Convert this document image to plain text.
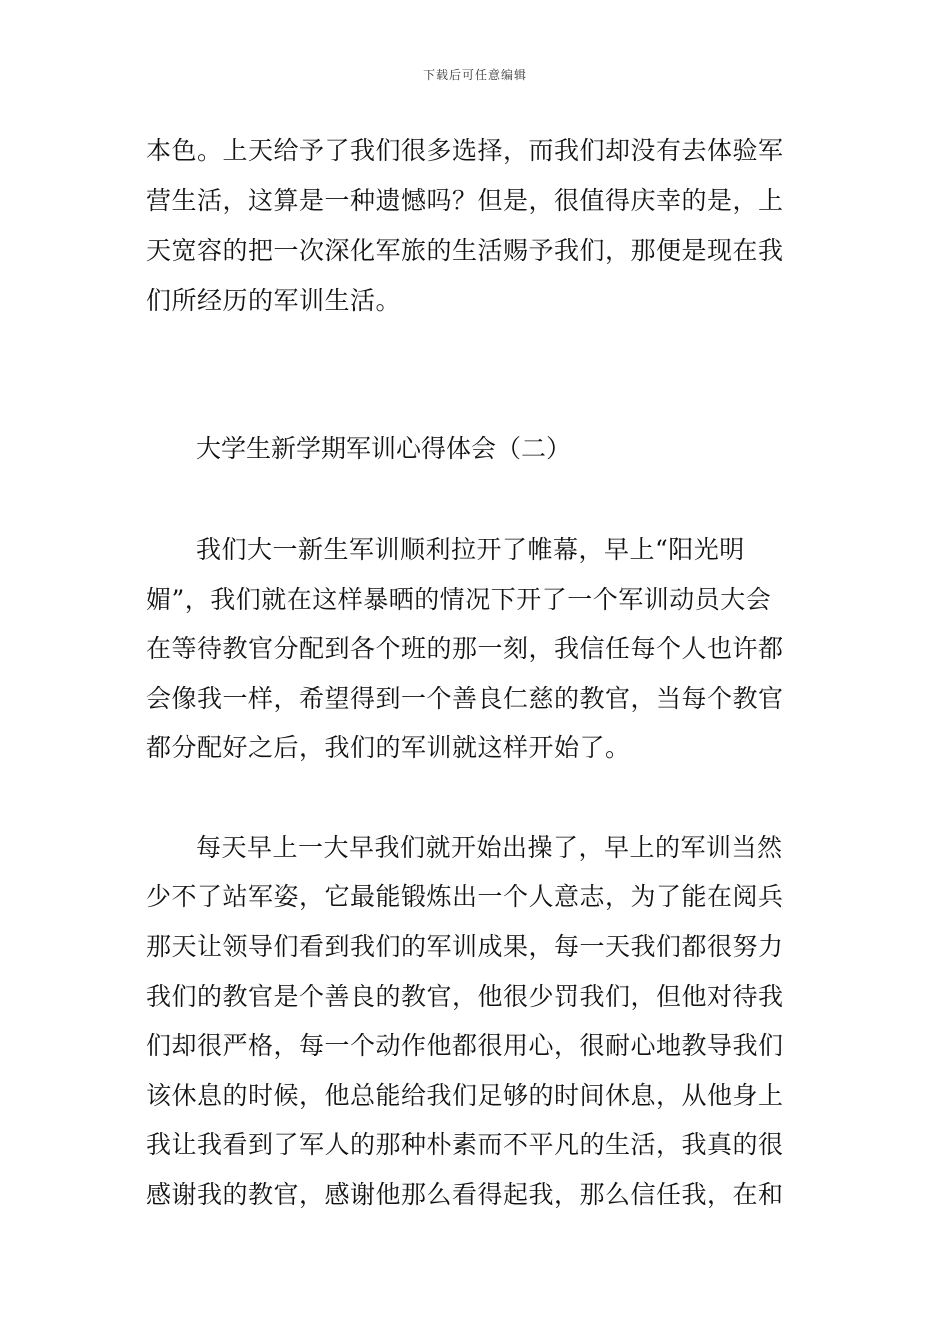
下载后可任意编辑
本色。上天给予了我们很多选择，而我们却没有去体验军
营生活，这算是一种遗憾吗？但是，很值得庆幸的是，上
天宽容的把一次深化军旅的生活赐予我们，那便是现在我
们所经历的军训生活。
大学生新学期军训心得体会（二）
我们大一新生军训顺利拉开了帷幕，早上“阳光明
媚”，我们就在这样暴晒的情况下开了一个军训动员大会
在等待教官分配到各个班的那一刻，我信任每个人也许都
会像我一样，希望得到一个善良仁慈的教官，当每个教官
都分配好之后，我们的军训就这样开始了。
每天早上一大早我们就开始出操了，早上的军训当然
少不了站军姿，它最能锻炼出一个人意志，为了能在阅兵
那天让领导们看到我们的军训成果，每一天我们都很努力
我们的教官是个善良的教官，他很少罚我们，但他对待我
们却很严格，每一个动作他都很用心，很耐心地教导我们
该休息的时候，他总能给我们足够的时间休息，从他身上
我让我看到了军人的那种朴素而不平凡的生活，我真的很
感谢我的教官，感谢他那么看得起我，那么信任我，在和
